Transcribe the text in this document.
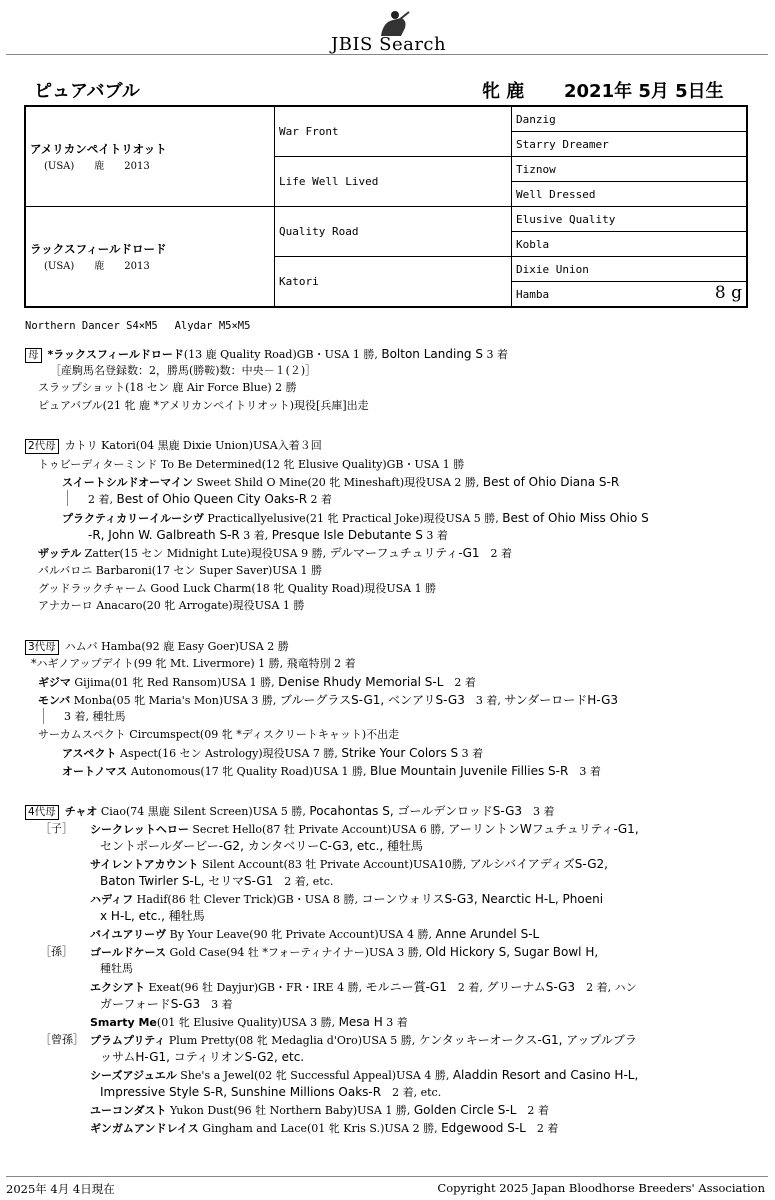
JBIS Search
ピュアバブル	牝 鹿 2021年 5月 5日生
アメリカンペイトリオット
(USA)　　鹿　　2013	War Front	Danzig
		Starry Dreamer
	Life Well Lived	Tiznow
		Well Dressed

ラックスフィールドロード
(USA)　　鹿　　2013	Quality Road	Elusive Quality
		Kobla
	Katori	Dixie Union
		Hamba 8 g
Northern Dancer S4×M5　 Alydar M5×M5
母 *ラックスフィールドロード(13 鹿 Quality Road)GB・USA 1 勝, Bolton Landing S 3 着
［産駒馬名登録数：2，勝馬(勝鞍)数：中央－１(２)］
スラップショット(18 セン 鹿 Air Force Blue) 2 勝
ピュアバブル(21 牝 鹿 *アメリカンペイトリオット)現役[兵庫]出走
2代母 カトリ Katori(04 黒鹿 Dixie Union)USA入着３回
トゥビーディターミンド To Be Determined(12 牝 Elusive Quality)GB・USA 1 勝
スイートシルドオーマイン Sweet Shild O Mine(20 牝 Mineshaft)現役USA 2 勝, Best of Ohio Diana S-R
2 着, Best of Ohio Queen City Oaks-R 2 着
プラクティカリーイルーシヴ Practicallyelusive(21 牝 Practical Joke)現役USA 5 勝, Best of Ohio Miss Ohio S
-R, John W. Galbreath S-R 3 着, Presque Isle Debutante S 3 着
ザッテル Zatter(15 セン Midnight Lute)現役USA 9 勝, デルマーフュチュリティ-G1　2 着
バルバロニ Barbaroni(17 セン Super Saver)USA 1 勝
グッドラックチャーム Good Luck Charm(18 牝 Quality Road)現役USA 1 勝
アナカーロ Anacaro(20 牝 Arrogate)現役USA 1 勝
3代母 ハムバ Hamba(92 鹿 Easy Goer)USA 2 勝
*ハギノアップデイト(99 牝 Mt. Livermore) 1 勝, 飛竜特別 2 着
ギジマ Gijima(01 牝 Red Ransom)USA 1 勝, Denise Rhudy Memorial S-L　2 着
モンバ Monba(05 牝 Maria's Mon)USA 3 勝, ブルーグラスS-G1, ベンアリS-G3　3 着, サンダーロードH-G3
3 着, 種牡馬
サーカムスペクト Circumspect(09 牝 *ディスクリートキャット)不出走
アスペクト Aspect(16 セン Astrology)現役USA 7 勝, Strike Your Colors S 3 着
オートノマス Autonomous(17 牝 Quality Road)USA 1 勝, Blue Mountain Juvenile Fillies S-R　3 着
4代母 チャオ Ciao(74 黒鹿 Silent Screen)USA 5 勝, Pocahontas S, ゴールデンロッドS-G3　3 着
［子］ シークレットヘロー Secret Hello(87 牡 Private Account)USA 6 勝, アーリントンWフュチュリティ-G1,
セントポールダービー-G2, カンタベリーC-G3, etc., 種牡馬
サイレントアカウント Silent Account(83 牡 Private Account)USA10勝, アルシバイアディズS-G2,
Baton Twirler S-L, セリマS-G1　2 着, etc.
ハディフ Hadif(86 牡 Clever Trick)GB・USA 8 勝, コーンウォリスS-G3, Nearctic H-L, Phoeni
x H-L, etc., 種牡馬
バイユアリーヴ By Your Leave(90 牝 Private Account)USA 4 勝, Anne Arundel S-L
［孫］ ゴールドケース Gold Case(94 牡 *フォーティナイナー)USA 3 勝, Old Hickory S, Sugar Bowl H,
種牡馬
エクシアト Exeat(96 牡 Dayjur)GB・FR・IRE 4 勝, モルニー賞-G1　2 着, グリーナムS-G3　2 着, ハン
ガーフォードS-G3　3 着
Smarty Me(01 牝 Elusive Quality)USA 3 勝, Mesa H 3 着
［曾孫］ プラムプリティ Plum Pretty(08 牝 Medaglia d'Oro)USA 5 勝, ケンタッキーオークス-G1, アップルブラ
ッサムH-G1, コティリオンS-G2, etc.
シーズアジュエル She's a Jewel(02 牝 Successful Appeal)USA 4 勝, Aladdin Resort and Casino H-L,
Impressive Style S-R, Sunshine Millions Oaks-R　2 着, etc.
ユーコンダスト Yukon Dust(96 牡 Northern Baby)USA 1 勝, Golden Circle S-L　2 着
ギンガムアンドレイス Gingham and Lace(01 牝 Kris S.)USA 2 勝, Edgewood S-L　2 着
2025年 4月 4日現在	Copyright 2025 Japan Bloodhorse Breeders' Association
